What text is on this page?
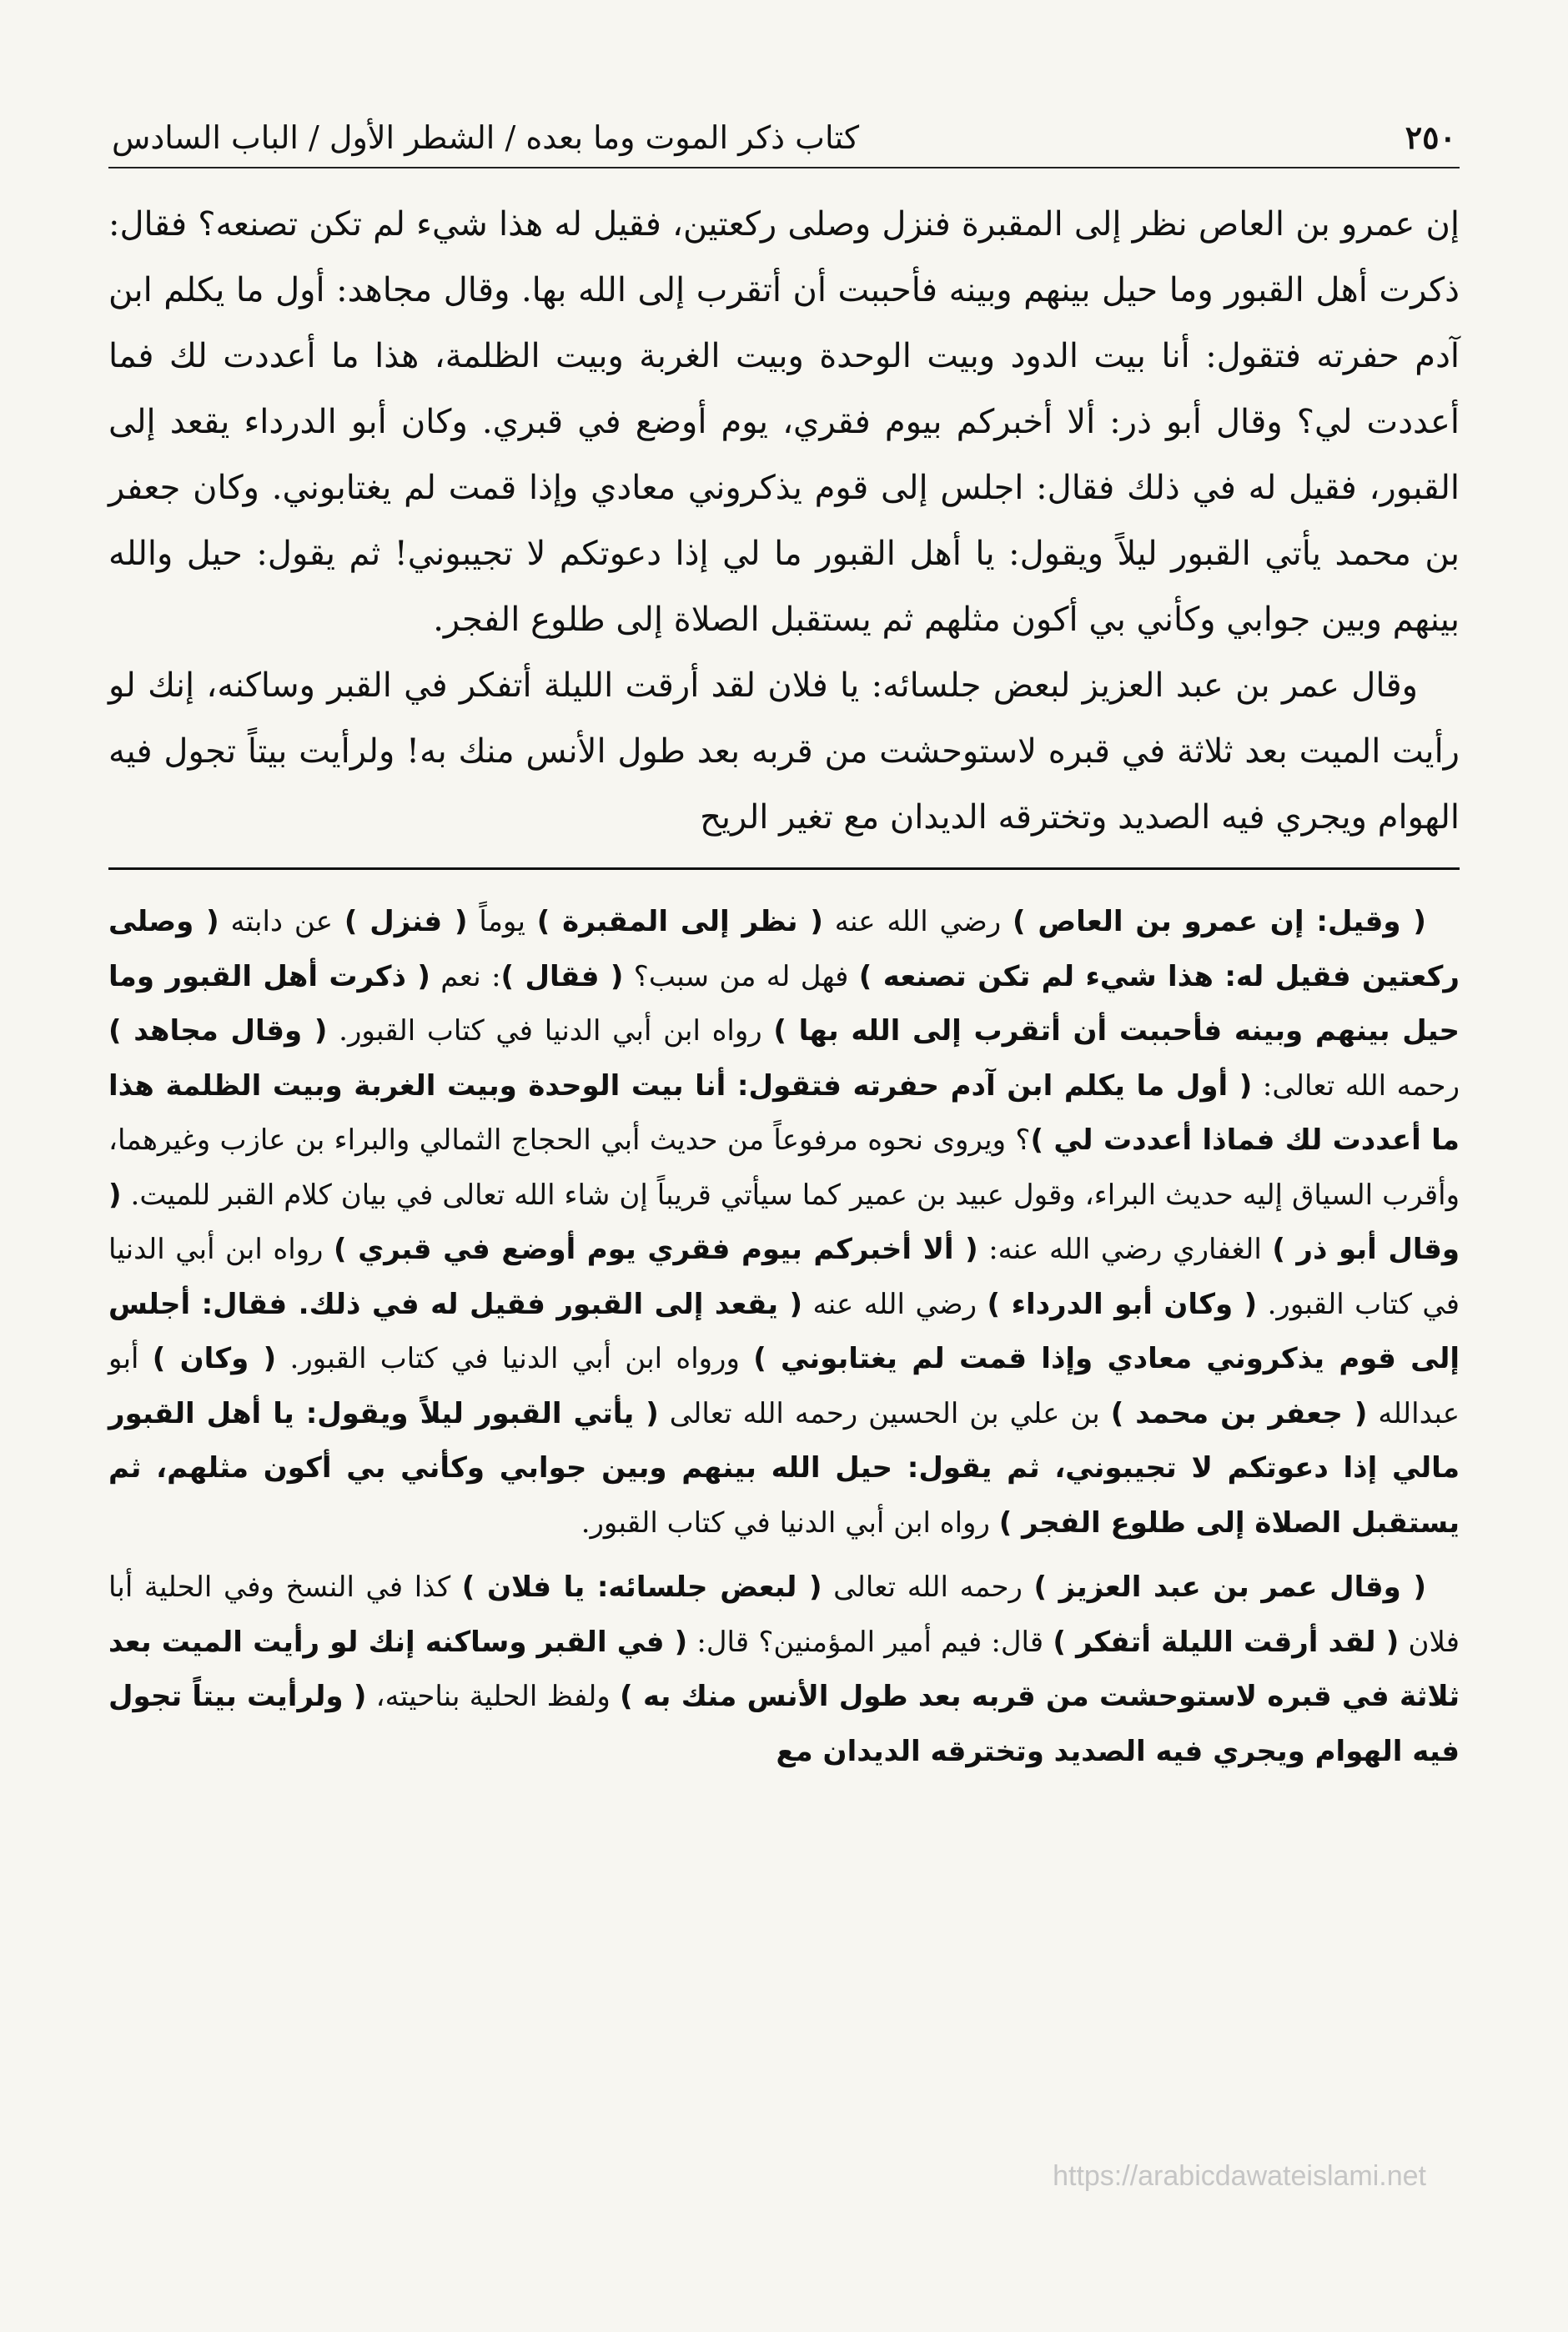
٢٥٠
كتاب ذكر الموت وما بعده / الشطر الأول / الباب السادس

إن عمرو بن العاص نظر إلى المقبرة فنزل وصلى ركعتين، فقيل له هذا شيء لم تكن تصنعه؟ فقال: ذكرت أهل القبور وما حيل بينهم وبينه فأحببت أن أتقرب إلى الله بها. وقال مجاهد: أول ما يكلم ابن آدم حفرته فتقول: أنا بيت الدود وبيت الوحدة وبيت الغربة وبيت الظلمة، هذا ما أعددت لك فما أعددت لي؟ وقال أبو ذر: ألا أخبركم بيوم فقري، يوم أوضع في قبري. وكان أبو الدرداء يقعد إلى القبور، فقيل له في ذلك فقال: اجلس إلى قوم يذكروني معادي وإذا قمت لم يغتابوني. وكان جعفر بن محمد يأتي القبور ليلاً ويقول: يا أهل القبور ما لي إذا دعوتكم لا تجيبوني! ثم يقول: حيل والله بينهم وبين جوابي وكأني بي أكون مثلهم ثم يستقبل الصلاة إلى طلوع الفجر.

وقال عمر بن عبد العزيز لبعض جلسائه: يا فلان لقد أرقت الليلة أتفكر في القبر وساكنه، إنك لو رأيت الميت بعد ثلاثة في قبره لاستوحشت من قربه بعد طول الأنس منك به! ولرأيت بيتاً تجول فيه الهوام ويجري فيه الصديد وتخترقه الديدان مع تغير الريح

( وقيل: إن عمرو بن العاص ) رضي الله عنه ( نظر إلى المقبرة ) يوماً ( فنزل ) عن دابته ( وصلى ركعتين فقيل له: هذا شيء لم تكن تصنعه ) فهل له من سبب؟ ( فقال ): نعم ( ذكرت أهل القبور وما حيل بينهم وبينه فأحببت أن أتقرب إلى الله بها ) رواه ابن أبي الدنيا في كتاب القبور. ( وقال مجاهد ) رحمه الله تعالى: ( أول ما يكلم ابن آدم حفرته فتقول: أنا بيت الوحدة وبيت الغربة وبيت الظلمة هذا ما أعددت لك فماذا أعددت لي )؟ ويروى نحوه مرفوعاً من حديث أبي الحجاج الثمالي والبراء بن عازب وغيرهما، وأقرب السياق إليه حديث البراء، وقول عبيد بن عمير كما سيأتي قريباً إن شاء الله تعالى في بيان كلام القبر للميت. ( وقال أبو ذر ) الغفاري رضي الله عنه: ( ألا أخبركم بيوم فقري يوم أوضع في قبري ) رواه ابن أبي الدنيا في كتاب القبور. ( وكان أبو الدرداء ) رضي الله عنه ( يقعد إلى القبور فقيل له في ذلك. فقال: أجلس إلى قوم يذكروني معادي وإذا قمت لم يغتابوني ) ورواه ابن أبي الدنيا في كتاب القبور. ( وكان ) أبو عبدالله ( جعفر بن محمد ) بن علي بن الحسين رحمه الله تعالى ( يأتي القبور ليلاً ويقول: يا أهل القبور مالي إذا دعوتكم لا تجيبوني، ثم يقول: حيل الله بينهم وبين جوابي وكأني بي أكون مثلهم، ثم يستقبل الصلاة إلى طلوع الفجر ) رواه ابن أبي الدنيا في كتاب القبور.

( وقال عمر بن عبد العزيز ) رحمه الله تعالى ( لبعض جلسائه: يا فلان ) كذا في النسخ وفي الحلية أبا فلان ( لقد أرقت الليلة أتفكر ) قال: فيم أمير المؤمنين؟ قال: ( في القبر وساكنه إنك لو رأيت الميت بعد ثلاثة في قبره لاستوحشت من قربه بعد طول الأنس منك به ) ولفظ الحلية بناحيته، ( ولرأيت بيتاً تجول فيه الهوام ويجري فيه الصديد وتخترقه الديدان مع

https://arabicdawateislami.net
